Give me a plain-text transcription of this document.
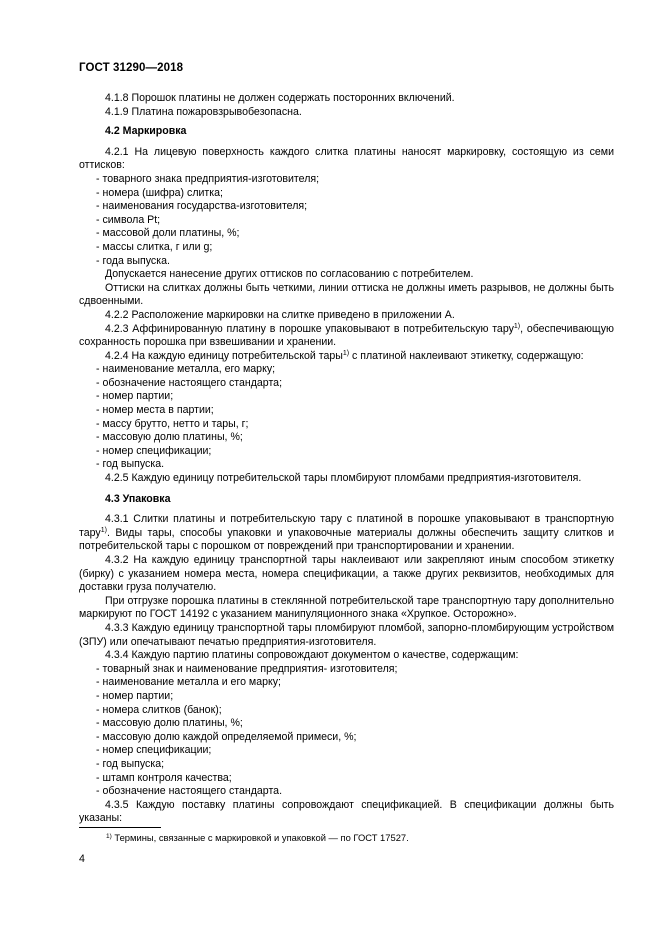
ГОСТ 31290—2018

4.1.8 Порошок платины не должен содержать посторонних включений.

4.1.9 Платина пожаровзрывобезопасна.

4.2 Маркировка

4.2.1 На лицевую поверхность каждого слитка платины наносят маркировку, состоящую из семи оттисков:

- товарного знака предприятия-изготовителя;

- номера (шифра) слитка;

- наименования государства-изготовителя;

- символа Pt;

- массовой доли платины, %;

- массы слитка, г или g;

- года выпуска.

Допускается нанесение других оттисков по согласованию с потребителем.

Оттиски на слитках должны быть четкими, линии оттиска не должны иметь разрывов, не должны быть сдвоенными.

4.2.2 Расположение маркировки на слитке приведено в приложении А.

4.2.3 Аффинированную платину в порошке упаковывают в потребительскую тару$^{1)}$, обеспечивающую сохранность порошка при взвешивании и хранении.

4.2.4 На каждую единицу потребительской тары$^{1)}$ с платиной наклеивают этикетку, содержащую:

- наименование металла, его марку;

- обозначение настоящего стандарта;

- номер партии;

- номер места в партии;

- массу брутто, нетто и тары, г;

- массовую долю платины, %;

- номер спецификации;

- год выпуска.

4.2.5 Каждую единицу потребительской тары пломбируют пломбами предприятия-изготовителя.

4.3 Упаковка

4.3.1 Слитки платины и потребительскую тару с платиной в порошке упаковывают в транспортную тару$^{1)}$. Виды тары, способы упаковки и упаковочные материалы должны обеспечить защиту слитков и потребительской тары с порошком от повреждений при транспортировании и хранении.

4.3.2 На каждую единицу транспортной тары наклеивают или закрепляют иным способом этикетку (бирку) с указанием номера места, номера спецификации, а также других реквизитов, необходимых для доставки груза получателю.

При отгрузке порошка платины в стеклянной потребительской таре транспортную тару дополнительно маркируют по ГОСТ 14192 с указанием манипуляционного знака «Хрупкое. Осторожно».

4.3.3 Каждую единицу транспортной тары пломбируют пломбой, запорно-пломбирующим устройством (ЗПУ) или опечатывают печатью предприятия-изготовителя.

4.3.4 Каждую партию платины сопровождают документом о качестве, содержащим:

- товарный знак и наименование предприятия- изготовителя;

- наименование металла и его марку;

- номер партии;

- номера слитков (банок);

- массовую долю платины, %;

- массовую долю каждой определяемой примеси, %;

- номер спецификации;

- год выпуска;

- штамп контроля качества;

- обозначение настоящего стандарта.

4.3.5 Каждую поставку платины сопровождают спецификацией. В спецификации должны быть указаны:

$^{1)}$ Термины, связанные с маркировкой и упаковкой — по ГОСТ 17527.
4
